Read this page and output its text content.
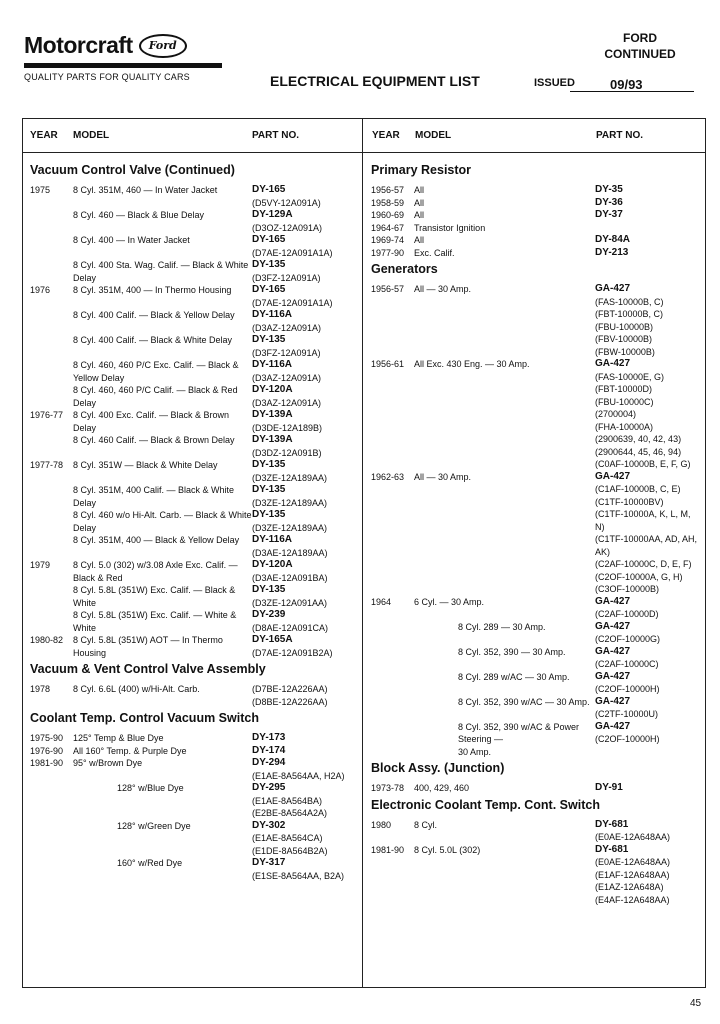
Motorcraft	Ford
QUALITY PARTS FOR QUALITY CARS
FORD
CONTINUED
ELECTRICAL EQUIPMENT LIST	ISSUED	09/93
YEAR MODEL	PART NO.	YEAR MODEL	PART NO.
Vacuum Control Valve (Continued)
1975	8 Cyl. 351M, 460 — In Water Jacket	DY-165
(D5VY-12A091A)
8 Cyl. 460 — Black & Blue Delay	DY-129A
(D3OZ-12A091A)
8 Cyl. 400 — In Water Jacket	DY-165
(D7AE-12A091A1A)
8 Cyl. 400 Sta. Wag. Calif. — Black & White
Delay
DY-135
(D3FZ-12A091A)
1976	8 Cyl. 351M, 400 — In Thermo Housing	DY-165
(D7AE-12A091A1A)
8 Cyl. 400 Calif. — Black & Yellow Delay	DY-116A
(D3AZ-12A091A)
8 Cyl. 400 Calif. — Black & White Delay	DY-135
(D3FZ-12A091A)
8 Cyl. 460, 460 P/C Exc. Calif. — Black &
Yellow Delay
DY-116A
(D3AZ-12A091A)
8 Cyl. 460, 460 P/C Calif. — Black & Red
Delay
DY-120A
(D3AZ-12A091A)
1976-77	8 Cyl. 400 Exc. Calif. — Black & Brown
Delay
DY-139A
(D3DE-12A189B)
8 Cyl. 460 Calif. — Black & Brown Delay	DY-139A
(D3DZ-12A091B)
1977-78	8 Cyl. 351W — Black & White Delay	DY-135
(D3ZE-12A189AA)
8 Cyl. 351M, 400 Calif. — Black & White
Delay
DY-135
(D3ZE-12A189AA)
8 Cyl. 460 w/o Hi-Alt. Carb. — Black & White
Delay
DY-135
(D3ZE-12A189AA)
8 Cyl. 351M, 400 — Black & Yellow Delay	DY-116A
(D3AE-12A189AA)
1979	8 Cyl. 5.0 (302) w/3.08 Axle Exc. Calif. —
Black & Red
DY-120A
(D3AE-12A091BA)
8 Cyl. 5.8L (351W) Exc. Calif. — Black &
White
DY-135
(D3ZE-12A091AA)
8 Cyl. 5.8L (351W) Exc. Calif. — White &
White
DY-239
(D8AE-12A091CA)
1980-82	8 Cyl. 5.8L (351W) AOT — In Thermo
Housing
DY-165A
(D7AE-12A091B2A)
Vacuum & Vent Control Valve Assembly
1978	8 Cyl. 6.6L (400) w/Hi-Alt. Carb.	(D7BE-12A226AA)
(D8BE-12A226AA)
Coolant Temp. Control Vacuum Switch
1975-90	125° Temp & Blue Dye	DY-173
1976-90	All 160° Temp. & Purple Dye	DY-174
1981-90	95° w/Brown Dye	DY-294
(E1AE-8A564AA, H2A)
128° w/Blue Dye	DY-295
(E1AE-8A564BA)
(E2BE-8A564A2A)
128° w/Green Dye	DY-302
(E1AE-8A564CA)
(E1DE-8A564B2A)
160° w/Red Dye	DY-317
(E1SE-8A564AA, B2A)
Primary Resistor
1956-57	All	DY-35
1958-59	All	DY-36
1960-69	All	DY-37
1964-67	Transistor Ignition
1969-74	All	DY-84A
1977-90	Exc. Calif.	DY-213
Generators
1956-57	All — 30 Amp.	GA-427
(FAS-10000B, C)
(FBT-10000B, C)
(FBU-10000B)
(FBV-10000B)
(FBW-10000B)
1956-61	All Exc. 430 Eng. — 30 Amp.	GA-427
(FAS-10000E, G)
(FBT-10000D)
(FBU-10000C)
(2700004)
(FHA-10000A)
(2900639, 40, 42, 43)
(2900644, 45, 46, 94)
(C0AF-10000B, E, F, G)
1962-63	All — 30 Amp.	GA-427
(C1AF-10000B, C, E)
(C1TF-10000BV)
(C1TF-10000A, K, L, M, N)
(C1TF-10000AA, AD, AH,
AK)
(C2AF-10000C, D, E, F)
(C2OF-10000A, G, H)
(C3OF-10000B)
1964	6 Cyl. — 30 Amp.	GA-427
(C2AF-10000D)
8 Cyl. 289 — 30 Amp.	GA-427
(C2OF-10000G)
8 Cyl. 352, 390 — 30 Amp.	GA-427
(C2AF-10000C)
8 Cyl. 289 w/AC — 30 Amp.	GA-427
(C2OF-10000H)
8 Cyl. 352, 390 w/AC — 30 Amp. GA-427
(C2TF-10000U)
8 Cyl. 352, 390 w/AC & Power Steering —
30 Amp.
GA-427
(C2OF-10000H)
Block Assy. (Junction)
1973-78	400, 429, 460	DY-91
Electronic Coolant Temp. Cont. Switch
1980	8 Cyl.	DY-681
(E0AE-12A648AA)
1981-90	8 Cyl. 5.0L (302)	DY-681
(E0AE-12A648AA)
(E1AF-12A648AA)
(E1AZ-12A648A)
(E4AF-12A648AA)
45
